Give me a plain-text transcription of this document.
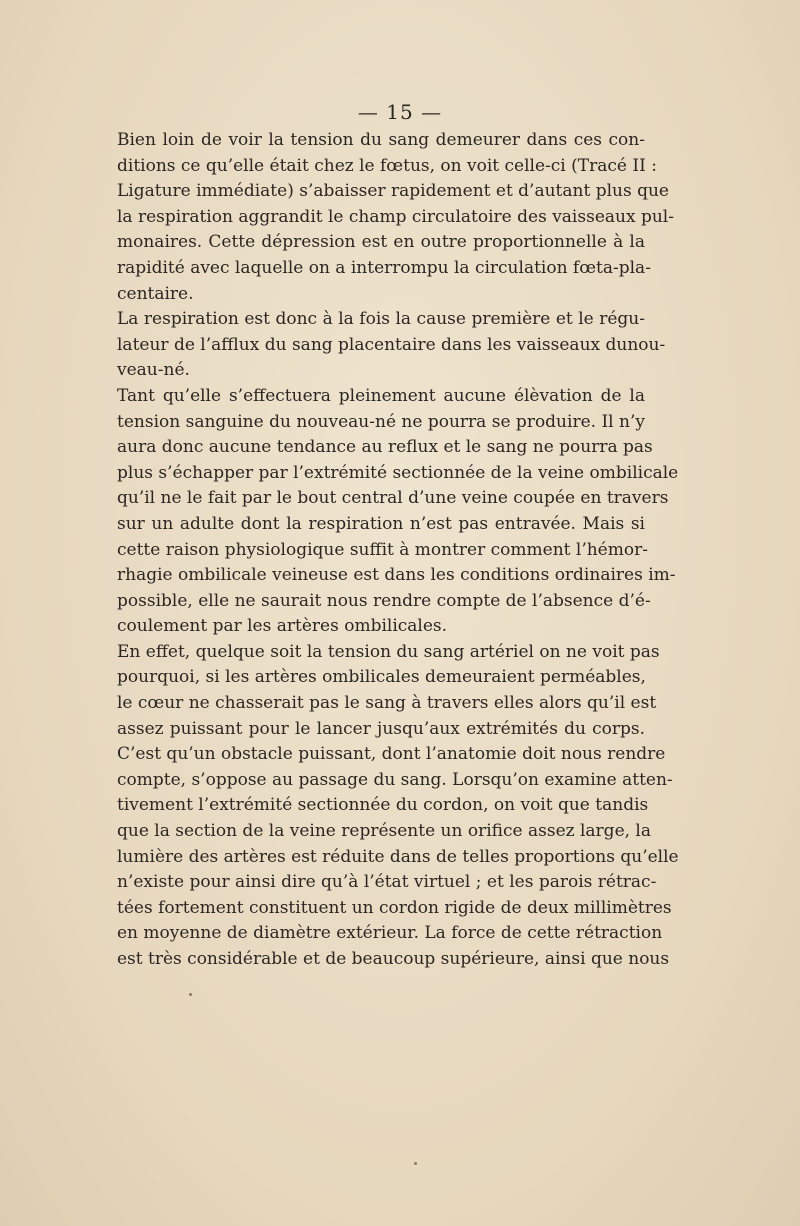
— 15 —
Bien loin de voir la tension du sang demeurer dans ces con-
ditions ce qu’elle était chez le fœtus, on voit celle-ci (Tracé II :
Ligature immédiate) s’abaisser rapidement et d’autant plus que
la respiration aggrandit le champ circulatoire des vaisseaux pul-
monaires. Cette dépression est en outre proportionnelle à la
rapidité avec laquelle on a interrompu la circulation fœta-pla-
centaire.
La respiration est donc à la fois la cause première et le régu-
lateur de l’afflux du sang placentaire dans les vaisseaux dunou-
veau-né.
Tant qu’elle s’effectuera pleinement aucune élèvation de la
tension sanguine du nouveau-né ne pourra se produire. Il n’y
aura donc aucune tendance au reflux et le sang ne pourra pas
plus s’échapper par l’extrémité sectionnée de la veine ombilicale
qu’il ne le fait par le bout central d’une veine coupée en travers
sur un adulte dont la respiration n’est pas entravée. Mais si
cette raison physiologique suffit à montrer comment l’hémor-
rhagie ombilicale veineuse est dans les conditions ordinaires im-
possible, elle ne saurait nous rendre compte de l’absence d’é-
coulement par les artères ombilicales.
En effet, quelque soit la tension du sang artériel on ne voit pas
pourquoi, si les artères ombilicales demeuraient perméables,
le cœur ne chasserait pas le sang à travers elles alors qu’il est
assez puissant pour le lancer jusqu’aux extrémités du corps.
C’est qu’un obstacle puissant, dont l’anatomie doit nous rendre
compte, s’oppose au passage du sang. Lorsqu’on examine atten-
tivement l’extrémité sectionnée du cordon, on voit que tandis
que la section de la veine représente un orifice assez large, la
lumière des artères est réduite dans de telles proportions qu’elle
n’existe pour ainsi dire qu’à l’état virtuel ; et les parois rétrac-
tées fortement constituent un cordon rigide de deux millimètres
en moyenne de diamètre extérieur. La force de cette rétraction
est très considérable et de beaucoup supérieure, ainsi que nous
